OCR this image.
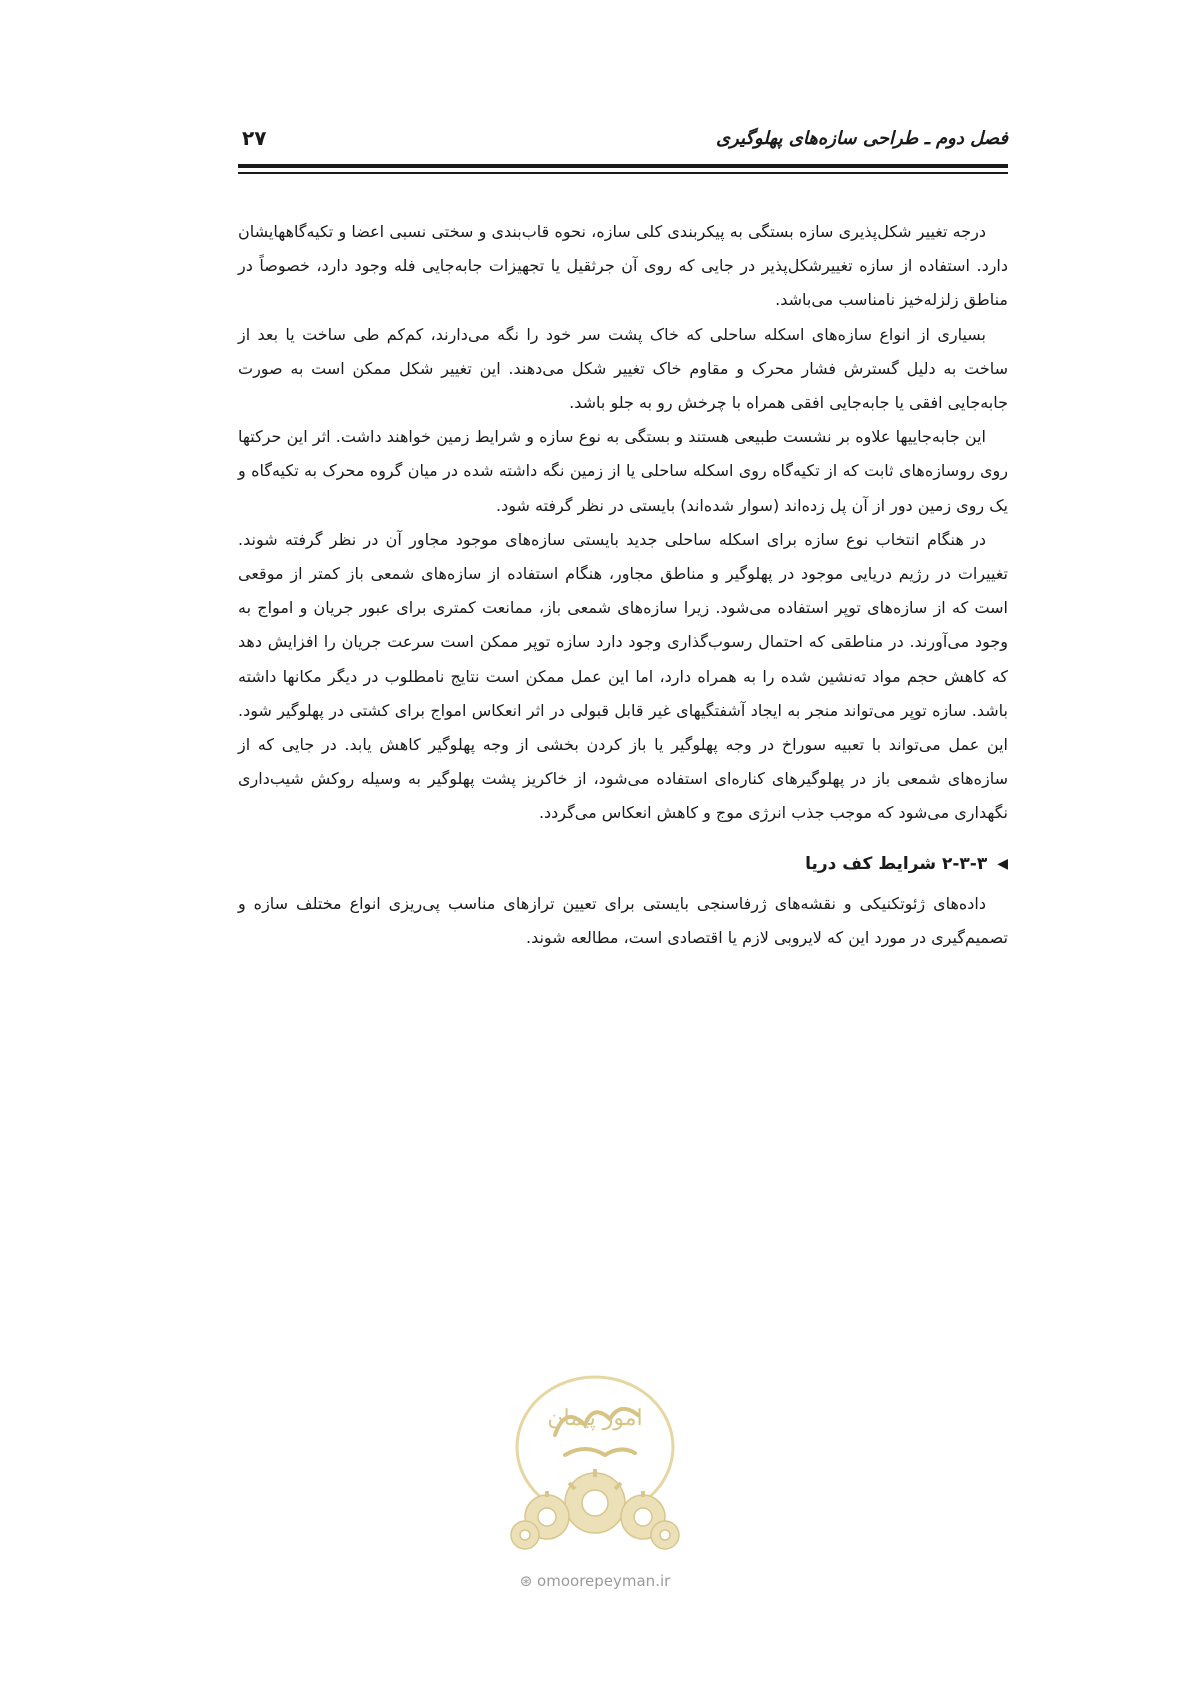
فصل دوم ـ طراحی سازه‌های پهلوگیری
۲۷

درجه تغییر شکل‌پذیری سازه بستگی به پیکربندی کلی سازه، نحوه قاب‌بندی و سختی نسبی اعضا و تکیه‌گاههایشان دارد. استفاده از سازه تغییرشکل‌پذیر در جایی که روی آن جرثقیل یا تجهیزات جابه‌جایی فله وجود دارد، خصوصاً در مناطق زلزله‌خیز نامناسب می‌باشد.

بسیاری از انواع سازه‌های اسکله ساحلی که خاک پشت سر خود را نگه می‌دارند، کم‌کم طی ساخت یا بعد از ساخت به دلیل گسترش فشار محرک و مقاوم خاک تغییر شکل می‌دهند. این تغییر شکل ممکن است به صورت جابه‌جایی افقی یا جابه‌جایی افقی همراه با چرخش رو به جلو باشد.

این جابه‌جاییها علاوه بر نشست طبیعی هستند و بستگی به نوع سازه و شرایط زمین خواهند داشت. اثر این حرکتها روی روسازه‌های ثابت که از تکیه‌گاه روی اسکله ساحلی یا از زمین نگه داشته شده در میان گروه محرک به تکیه‌گاه و یک روی زمین دور از آن پل زده‌اند (سوار شده‌اند) بایستی در نظر گرفته شود.

در هنگام انتخاب نوع سازه برای اسکله ساحلی جدید بایستی سازه‌های موجود مجاور آن در نظر گرفته شوند. تغییرات در رژیم دریایی موجود در پهلوگیر و مناطق مجاور، هنگام استفاده از سازه‌های شمعی باز کمتر از موقعی است که از سازه‌های توپر استفاده می‌شود. زیرا سازه‌های شمعی باز، ممانعت کمتری برای عبور جریان و امواج به وجود می‌آورند. در مناطقی که احتمال رسوب‌گذاری وجود دارد سازه توپر ممکن است سرعت جریان را افزایش دهد که کاهش حجم مواد ته‌نشین شده را به همراه دارد، اما این عمل ممکن است نتایج نامطلوب در دیگر مکانها داشته باشد. سازه توپر می‌تواند منجر به ایجاد آشفتگیهای غیر قابل قبولی در اثر انعکاس امواج برای کشتی در پهلوگیر شود. این عمل می‌تواند با تعبیه سوراخ در وجه پهلوگیر یا باز کردن بخشی از وجه پهلوگیر کاهش یابد. در جایی که از سازه‌های شمعی باز در پهلوگیرهای کناره‌ای استفاده می‌شود، از خاکریز پشت پهلوگیر به وسیله روکش شیب‌داری نگهداری می‌شود که موجب جذب انرژی موج و کاهش انعکاس می‌گردد.

◀
۲-۳-۳ شرایط کف دریا

داده‌های ژئوتکنیکی و نقشه‌های ژرفاسنجی بایستی برای تعیین ترازهای مناسب پی‌ریزی انواع مختلف سازه و تصمیم‌گیری در مورد این که لایروبی لازم یا اقتصادی است، مطالعه شوند.

امور پیمان
⊛ omoorepeyman.ir
